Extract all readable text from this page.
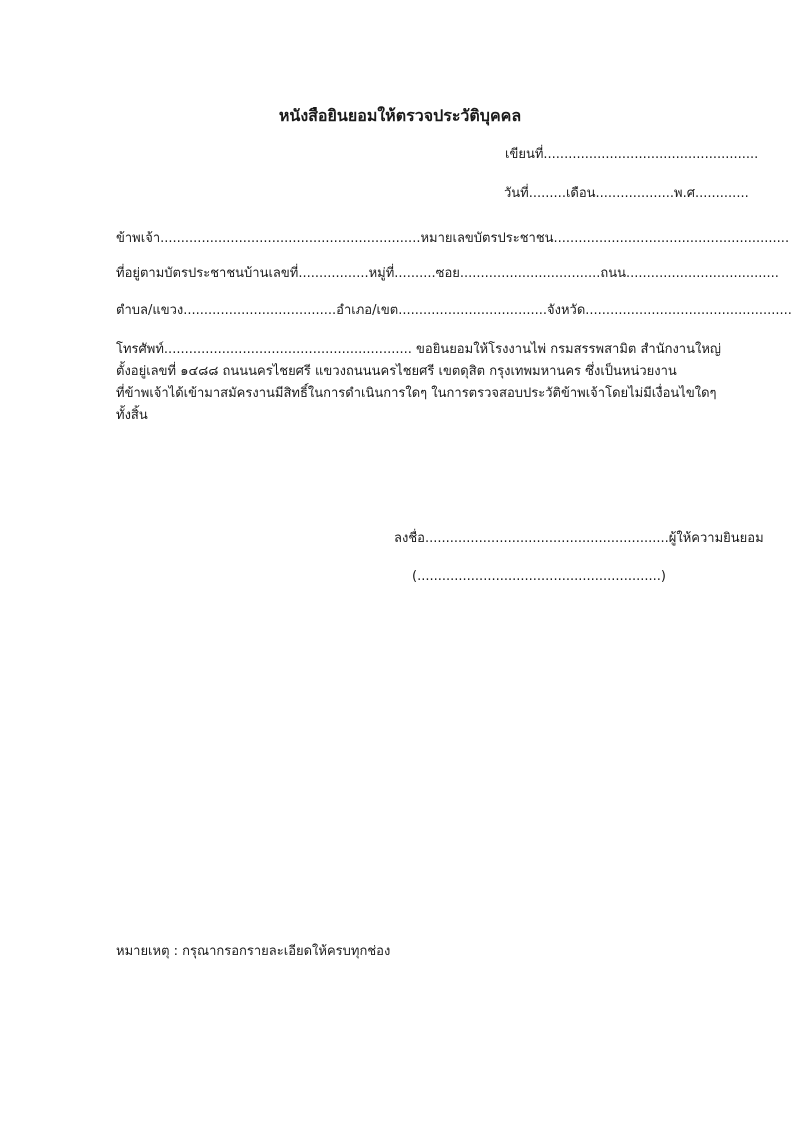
หนังสือยินยอมให้ตรวจประวัติบุคคล
เขียนที่....................................................
วันที่.........เดือน...................พ.ศ.............
ข้าพเจ้า...............................................................หมายเลขบัตรประชาชน.........................................................
ที่อยู่ตามบัตรประชาชนบ้านเลขที่.................หมู่ที่..........ซอย..................................ถนน.....................................
ตำบล/แขวง.....................................อำเภอ/เขต....................................จังหวัด..................................................
โทรศัพท์............................................................ ขอยินยอมให้โรงงานไพ่ กรมสรรพสามิต สำนักงานใหญ่
ตั้งอยู่เลขที่ ๑๔๘๘ ถนนนครไชยศรี แขวงถนนนครไชยศรี เขตดุสิต กรุงเทพมหานคร ซึ่งเป็นหน่วยงาน
ที่ข้าพเจ้าได้เข้ามาสมัครงานมีสิทธิ์ในการดำเนินการใดๆ ในการตรวจสอบประวัติข้าพเจ้าโดยไม่มีเงื่อนไขใดๆ
ทั้งสิ้น
ลงชื่อ...........................................................ผู้ให้ความยินยอม
(...........................................................)
หมายเหตุ : กรุณากรอกรายละเอียดให้ครบทุกช่อง
